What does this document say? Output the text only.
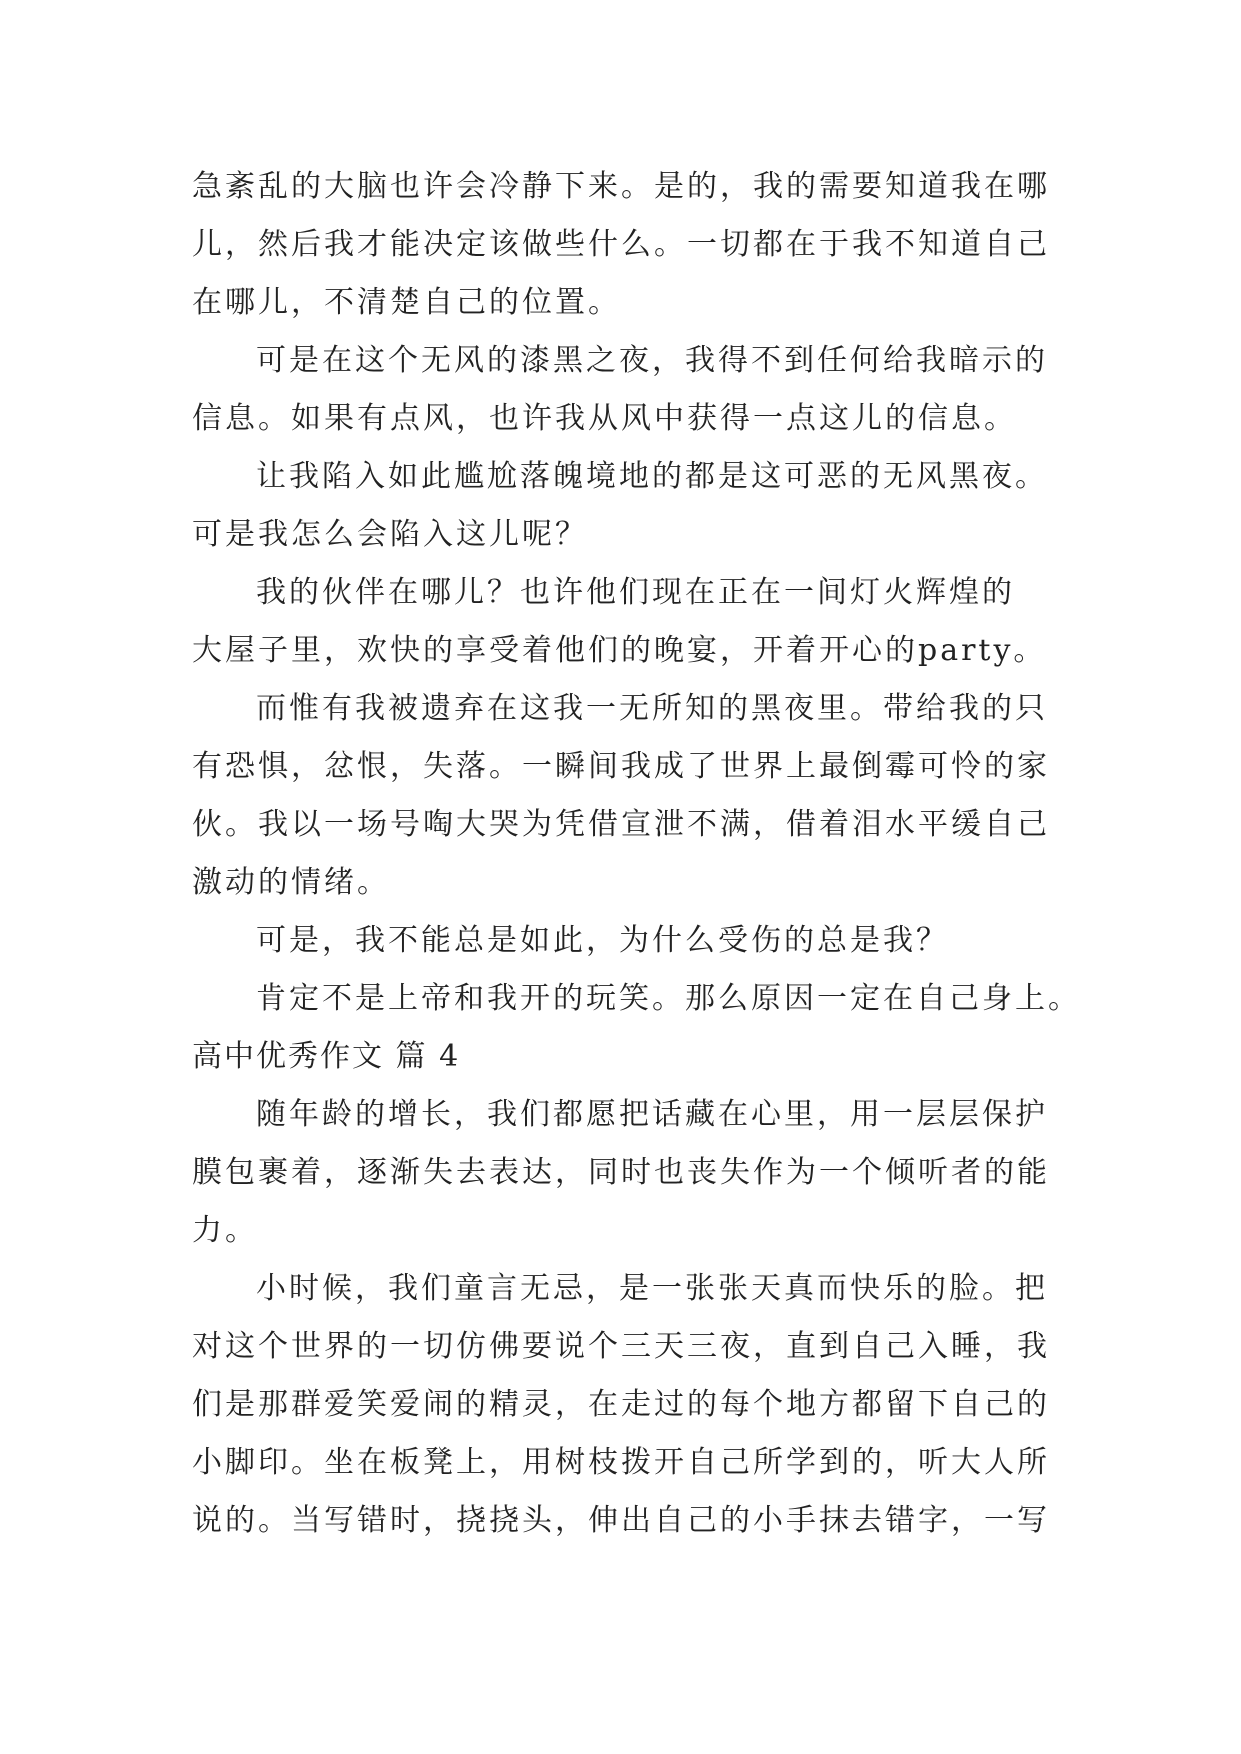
急紊乱的大脑也许会冷静下来。是的，我的需要知道我在哪
儿，然后我才能决定该做些什么。一切都在于我不知道自己
在哪儿，不清楚自己的位置。
可是在这个无风的漆黑之夜，我得不到任何给我暗示的
信息。如果有点风，也许我从风中获得一点这儿的信息。
让我陷入如此尴尬落魄境地的都是这可恶的无风黑夜。
可是我怎么会陷入这儿呢？
我的伙伴在哪儿？也许他们现在正在一间灯火辉煌的
大屋子里，欢快的享受着他们的晚宴，开着开心的party。
而惟有我被遗弃在这我一无所知的黑夜里。带给我的只
有恐惧，忿恨，失落。一瞬间我成了世界上最倒霉可怜的家
伙。我以一场号啕大哭为凭借宣泄不满，借着泪水平缓自己
激动的情绪。
可是，我不能总是如此，为什么受伤的总是我？
肯定不是上帝和我开的玩笑。那么原因一定在自己身上。
高中优秀作文 篇 4
随年龄的增长，我们都愿把话藏在心里，用一层层保护
膜包裹着，逐渐失去表达，同时也丧失作为一个倾听者的能
力。
小时候，我们童言无忌，是一张张天真而快乐的脸。把
对这个世界的一切仿佛要说个三天三夜，直到自己入睡，我
们是那群爱笑爱闹的精灵，在走过的每个地方都留下自己的
小脚印。坐在板凳上，用树枝拨开自己所学到的，听大人所
说的。当写错时，挠挠头，伸出自己的小手抹去错字，一写
